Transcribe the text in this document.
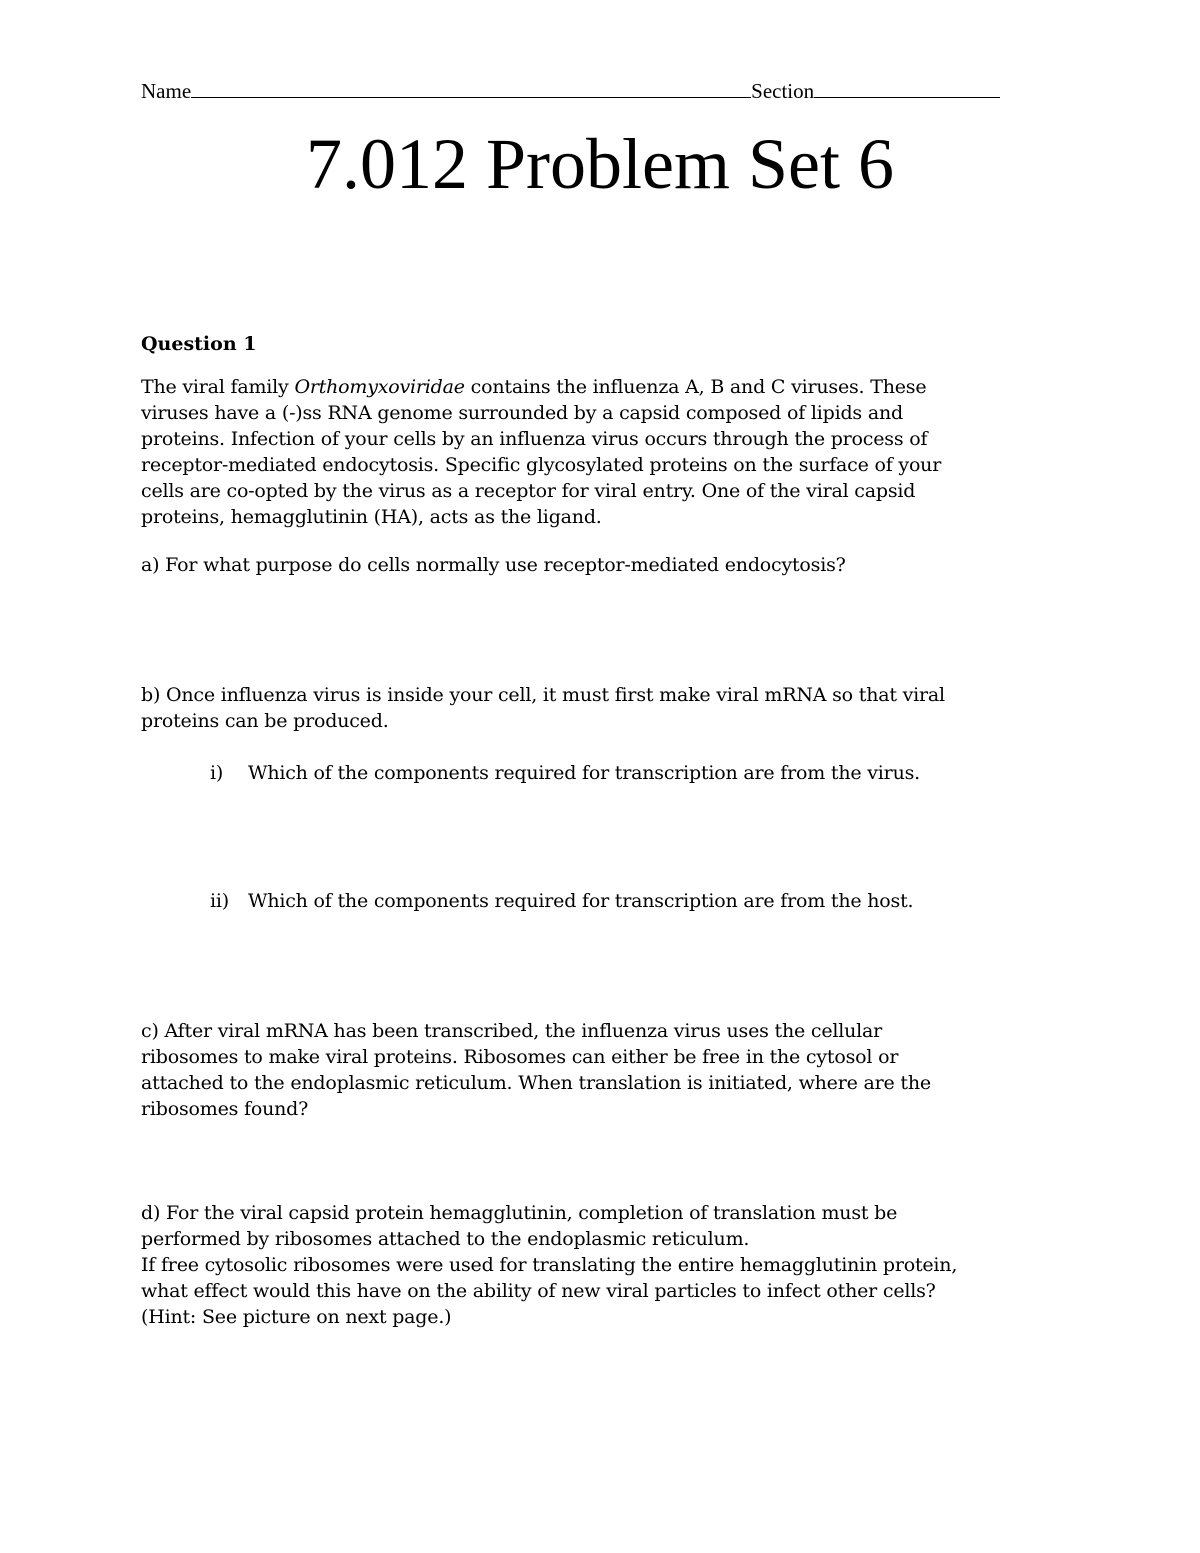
Name	Section
7.012 Problem Set 6
Question 1
The viral family Orthomyxoviridae contains the influenza A, B and C viruses. These
viruses have a (-)ss RNA genome surrounded by a capsid composed of lipids and
proteins. Infection of your cells by an influenza virus occurs through the process of
receptor-mediated endocytosis. Specific glycosylated proteins on the surface of your
cells are co-opted by the virus as a receptor for viral entry. One of the viral capsid
proteins, hemagglutinin (HA), acts as the ligand.
a) For what purpose do cells normally use receptor-mediated endocytosis?
b) Once influenza virus is inside your cell, it must first make viral mRNA so that viral
proteins can be produced.
i) Which of the components required for transcription are from the virus.
ii) Which of the components required for transcription are from the host.
c) After viral mRNA has been transcribed, the influenza virus uses the cellular
ribosomes to make viral proteins. Ribosomes can either be free in the cytosol or
attached to the endoplasmic reticulum. When translation is initiated, where are the
ribosomes found?
d) For the viral capsid protein hemagglutinin, completion of translation must be
performed by ribosomes attached to the endoplasmic reticulum.
If free cytosolic ribosomes were used for translating the entire hemagglutinin protein,
what effect would this have on the ability of new viral particles to infect other cells?
(Hint: See picture on next page.)
